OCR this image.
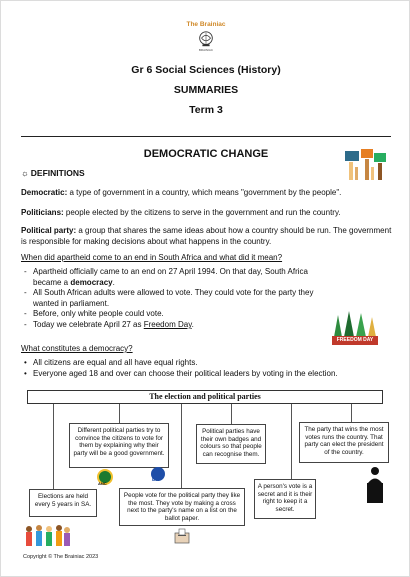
The Brainiac
BRAINIAC
Gr 6 Social Sciences (History)
SUMMARIES
Term 3
DEMOCRATIC CHANGE
☼ DEFINITIONS
Democratic: a type of government in a country, which means "government by the people".
Politicians: people elected by the citizens to serve in the government and run the country.
Political party: a group that shares the same ideas about how a country should be run. The government is responsible for making decisions about what happens in the country.
When did apartheid come to an end in South Africa and what did it mean?
- Apartheid officially came to an end on 27 April 1994. On that day, South Africa became a democracy.
- All South African adults were allowed to vote. They could vote for the party they wanted in parliament.
- Before, only white people could vote.
- Today we celebrate April 27 as Freedom Day.
FREEDOM DAY
What constitutes a democracy?
• All citizens are equal and all have equal rights.
• Everyone aged 18 and over can choose their political leaders by voting in the election.
The election and political parties
Different political parties try to convince the citizens to vote for them by explaining why their party will be a good government.
Political parties have their own badges and colours so that people can recognise them.
The party that wins the most votes runs the country. That party can elect the president of the country.
Elections are held every 5 years in SA.
People vote for the political party they like the most. They vote by making a cross next to the party's name on a list on the ballot paper.
A person's vote is a secret and it is their right to keep it a secret.
ANC
DA
Copyright © The Brainiac 2023
